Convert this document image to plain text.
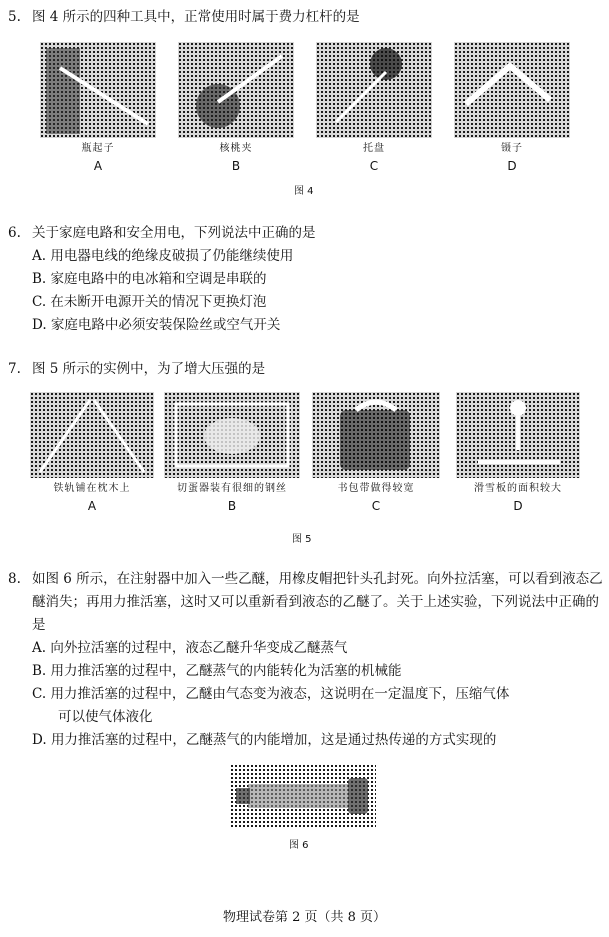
5. 图 4 所示的四种工具中，正常使用时属于费力杠杆的是
瓶起子
A
核桃夹
B
托盘
C
镊子
D
图 4
6. 关于家庭电路和安全用电，下列说法中正确的是
A. 用电器电线的绝缘皮破损了仍能继续使用
B. 家庭电路中的电冰箱和空调是串联的
C. 在未断开电源开关的情况下更换灯泡
D. 家庭电路中必须安装保险丝或空气开关
7. 图 5 所示的实例中，为了增大压强的是
铁轨铺在枕木上
A
切蛋器装有很细的钢丝
B
书包带做得较宽
C
滑雪板的面积较大
D
图 5
8. 如图 6 所示，在注射器中加入一些乙醚，用橡皮帽把针头孔封死。向外拉活塞，可以看到液态乙醚消失；再用力推活塞，这时又可以重新看到液态的乙醚了。关于上述实验，下列说法中正确的是
A. 向外拉活塞的过程中，液态乙醚升华变成乙醚蒸气
B. 用力推活塞的过程中，乙醚蒸气的内能转化为活塞的机械能
C. 用力推活塞的过程中，乙醚由气态变为液态，这说明在一定温度下，压缩气体
可以使气体液化
D. 用力推活塞的过程中，乙醚蒸气的内能增加，这是通过热传递的方式实现的
图 6
物理试卷第 2 页（共 8 页）
